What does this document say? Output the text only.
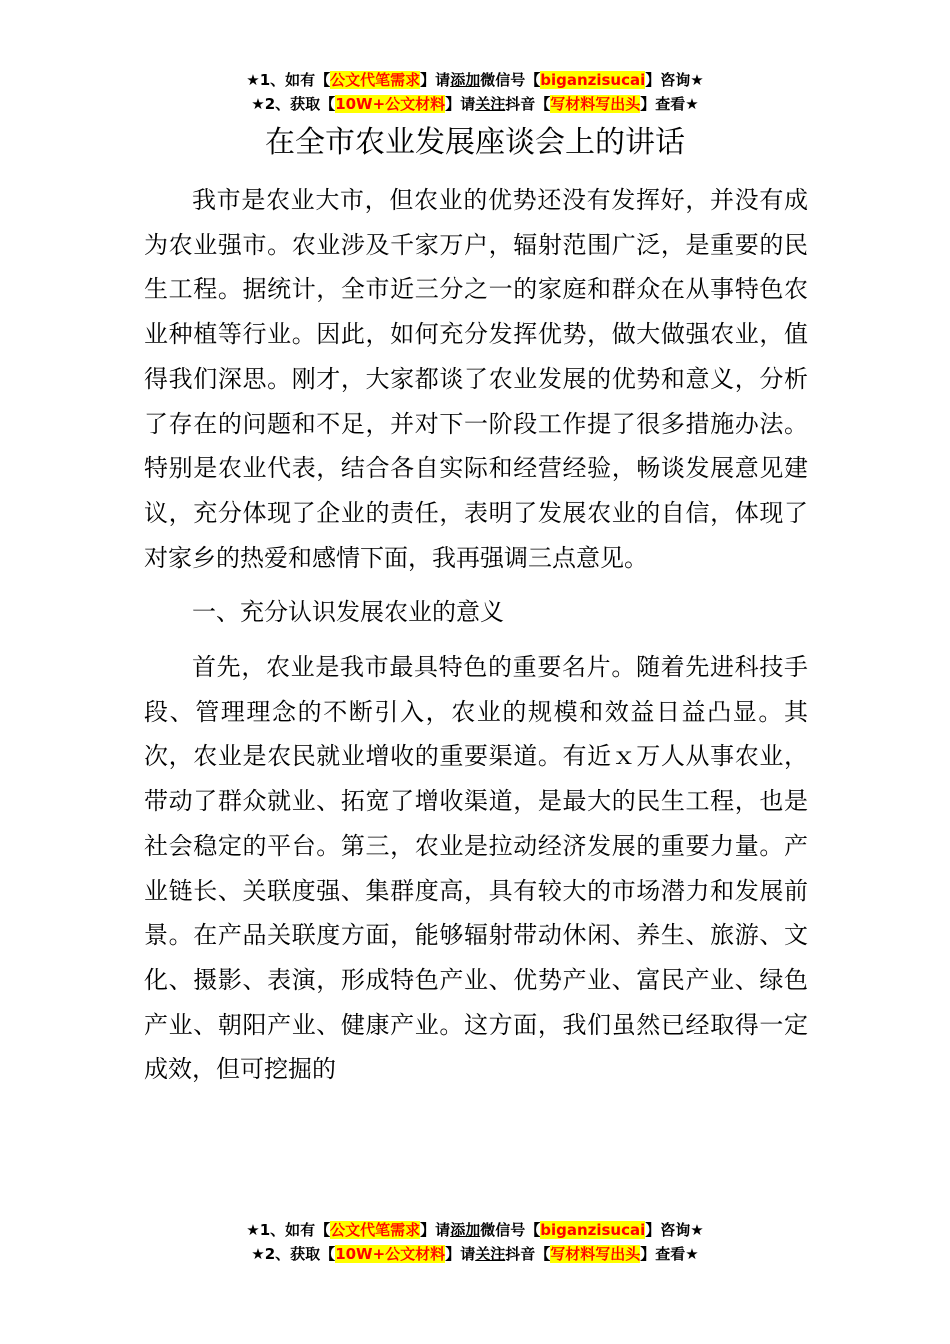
★1、如有【公文代笔需求】请添加微信号【biganzisucai】咨询★
★2、获取【10W+公文材料】请关注抖音【写材料写出头】查看★
在全市农业发展座谈会上的讲话

我市是农业大市，但农业的优势还没有发挥好，并没有成为农业强市。农业涉及千家万户，辐射范围广泛，是重要的民生工程。据统计，全市近三分之一的家庭和群众在从事特色农业种植等行业。因此，如何充分发挥优势，做大做强农业，值得我们深思。刚才，大家都谈了农业发展的优势和意义，分析了存在的问题和不足，并对下一阶段工作提了很多措施办法。特别是农业代表，结合各自实际和经营经验，畅谈发展意见建议，充分体现了企业的责任，表明了发展农业的自信，体现了对家乡的热爱和感情下面，我再强调三点意见。

一、充分认识发展农业的意义

首先，农业是我市最具特色的重要名片。随着先进科技手段、管理理念的不断引入，农业的规模和效益日益凸显。其次，农业是农民就业增收的重要渠道。有近ｘ万人从事农业，带动了群众就业、拓宽了增收渠道，是最大的民生工程，也是社会稳定的平台。第三，农业是拉动经济发展的重要力量。产业链长、关联度强、集群度高，具有较大的市场潜力和发展前景。在产品关联度方面，能够辐射带动休闲、养生、旅游、文化、摄影、表演，形成特色产业、优势产业、富民产业、绿色产业、朝阳产业、健康产业。这方面，我们虽然已经取得一定成效，但可挖掘的

★1、如有【公文代笔需求】请添加微信号【biganzisucai】咨询★
★2、获取【10W+公文材料】请关注抖音【写材料写出头】查看★
